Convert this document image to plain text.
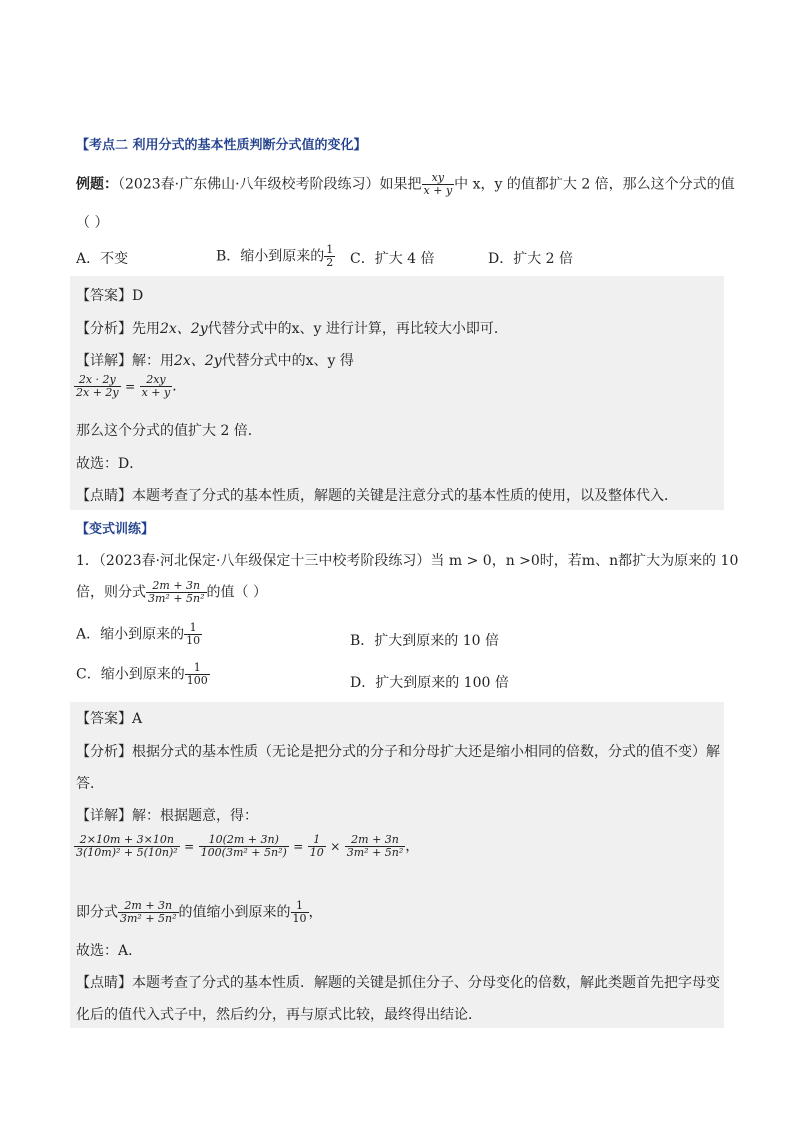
【考点二 利用分式的基本性质判断分式值的变化】
例题：（2023春·广东佛山·八年级校考阶段练习）如果把 $\frac{xy}{x + y}$ 中 x，y 的值都扩大 2 倍，那么这个分式的值
（ ）
A．不变	B．缩小到原来的 $\frac{1}{2}$ C．扩大 4 倍	D．扩大 2 倍
【答案】D
【分析】先用2x、2y代替分式中的x、y 进行计算，再比较大小即可．
【详解】解：用2x、2y代替分式中的x、y 得
$\frac{2x \cdot 2y}{2x + 2y} = \frac{2xy}{x + y}$ ．
那么这个分式的值扩大 2 倍．
故选：D．
【点睛】本题考查了分式的基本性质，解题的关键是注意分式的基本性质的使用，以及整体代入．
【变式训练】
1．（2023春·河北保定·八年级保定十三中校考阶段练习）当 m > 0，n >0时，若m、n都扩大为原来的 10
倍，则分式 $\frac{2m + 3n}{\text{3m² + 5n²}}$ 的值（ ）
A．缩小到原来的 $\frac{1}{10}$	B．扩大到原来的 10 倍
C．缩小到原来的 $\frac{1}{100}$	D．扩大到原来的 100 倍
【答案】A
【分析】根据分式的基本性质（无论是把分式的分子和分母扩大还是缩小相同的倍数，分式的值不变）解
答．
【详解】解：根据题意，得：
$\frac{2\times 10m + 3\times 10n}{\text{3(10m)² + 5(10n)²}} = \frac{10(2m + 3n)}{\text{100(3m² + 5n²)}} = \frac{1}{10} \times \frac{2m + 3n}{\text{3m² + 5n²}}$ ，
即分式 $\frac{2m + 3n}{\text{3m² + 5n²}}$ 的值缩小到原来的 $\frac{1}{10}$ ，
故选：A．
【点睛】本题考查了分式的基本性质．解题的关键是抓住分子、分母变化的倍数，解此类题首先把字母变
化后的值代入式子中，然后约分，再与原式比较，最终得出结论．
